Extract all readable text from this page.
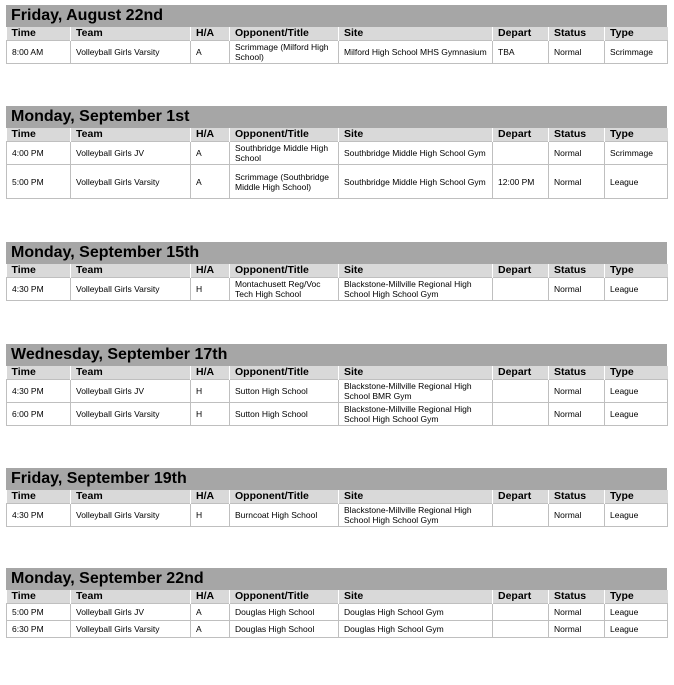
Friday, August 22nd
Time	Team	H/A	Opponent/Title	Site	Depart	Status	Type
8:00 AM	Volleyball Girls Varsity	A	Scrimmage (Milford High School)	Milford High School MHS Gymnasium	TBA	Normal	Scrimmage
Monday, September 1st
Time	Team	H/A	Opponent/Title	Site	Depart	Status	Type
4:00 PM	Volleyball Girls JV	A	Southbridge Middle High School	Southbridge Middle High School Gym		Normal	Scrimmage
5:00 PM	Volleyball Girls Varsity	A	Scrimmage (Southbridge Middle High School)	Southbridge Middle High School Gym	12:00 PM	Normal	League
Monday, September 15th
Time	Team	H/A	Opponent/Title	Site	Depart	Status	Type
4:30 PM	Volleyball Girls Varsity	H	Montachusett Reg/Voc Tech High School	Blackstone-Millville Regional High School High School Gym		Normal	League
Wednesday, September 17th
Time	Team	H/A	Opponent/Title	Site	Depart	Status	Type
4:30 PM	Volleyball Girls JV	H	Sutton High School	Blackstone-Millville Regional High School BMR Gym		Normal	League
6:00 PM	Volleyball Girls Varsity	H	Sutton High School	Blackstone-Millville Regional High School High School Gym		Normal	League
Friday, September 19th
Time	Team	H/A	Opponent/Title	Site	Depart	Status	Type
4:30 PM	Volleyball Girls Varsity	H	Burncoat High School	Blackstone-Millville Regional High School High School Gym		Normal	League
Monday, September 22nd
Time	Team	H/A	Opponent/Title	Site	Depart	Status	Type
5:00 PM	Volleyball Girls JV	A	Douglas High School	Douglas High School Gym		Normal	League
6:30 PM	Volleyball Girls Varsity	A	Douglas High School	Douglas High School Gym		Normal	League
